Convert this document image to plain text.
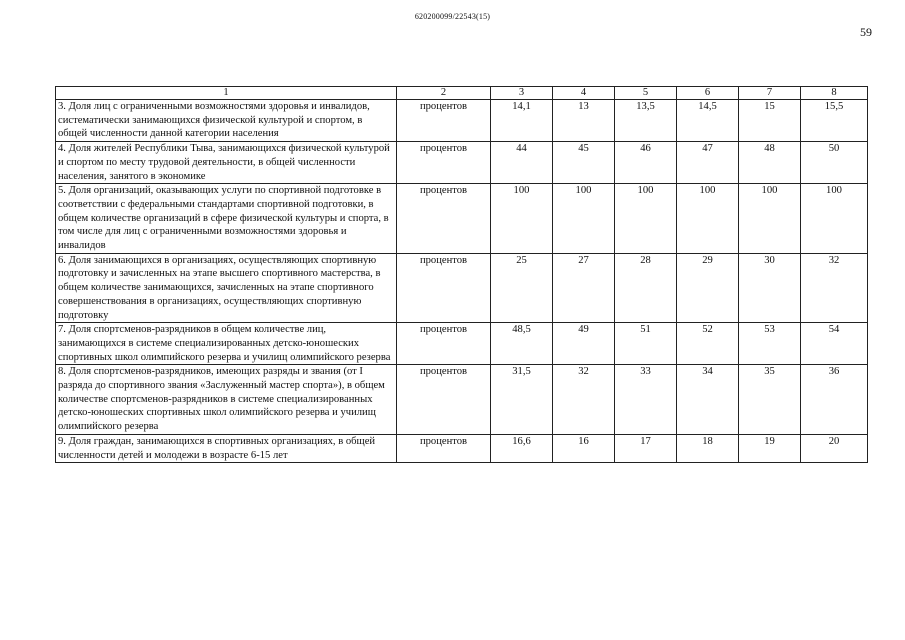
620200099/22543(15)
59
1	2	3	4	5	6	7	8
3. Доля лиц с ограниченными возможностями здоровья и инвалидов, систематически занимающихся физической культурой и спортом, в общей численности данной категории населения	процентов	14,1	13	13,5	14,5	15	15,5
4. Доля жителей Республики Тыва, занимающихся физической культурой и спортом по месту трудовой деятельности, в общей численности населения, занятого в экономике	процентов	44	45	46	47	48	50
5. Доля организаций, оказывающих услуги по спортивной подготовке в соответствии с федеральными стандартами спортивной подготовки, в общем количестве организаций в сфере физической культуры и спорта, в том числе для лиц с ограниченными возможностями здоровья и инвалидов	процентов	100	100	100	100	100	100
6. Доля занимающихся в организациях, осуществляющих спортивную подготовку и зачисленных на этапе высшего спортивного мастерства, в общем количестве занимающихся, зачисленных на этапе спортивного совершенствования в организациях, осуществляющих спортивную подготовку	процентов	25	27	28	29	30	32
7. Доля спортсменов-разрядников в общем количестве лиц, занимающихся в системе специализированных детско-юношеских спортивных школ олимпийского резерва и училищ олимпийского резерва	процентов	48,5	49	51	52	53	54
8. Доля спортсменов-разрядников, имеющих разряды и звания (от I разряда до спортивного звания «Заслуженный мастер спорта»), в общем количестве спортсменов-разрядников в системе специализированных детско-юношеских спортивных школ олимпийского резерва и училищ олимпийского резерва	процентов	31,5	32	33	34	35	36
9. Доля граждан, занимающихся в спортивных организациях, в общей численности детей и молодежи в возрасте 6-15 лет	процентов	16,6	16	17	18	19	20
